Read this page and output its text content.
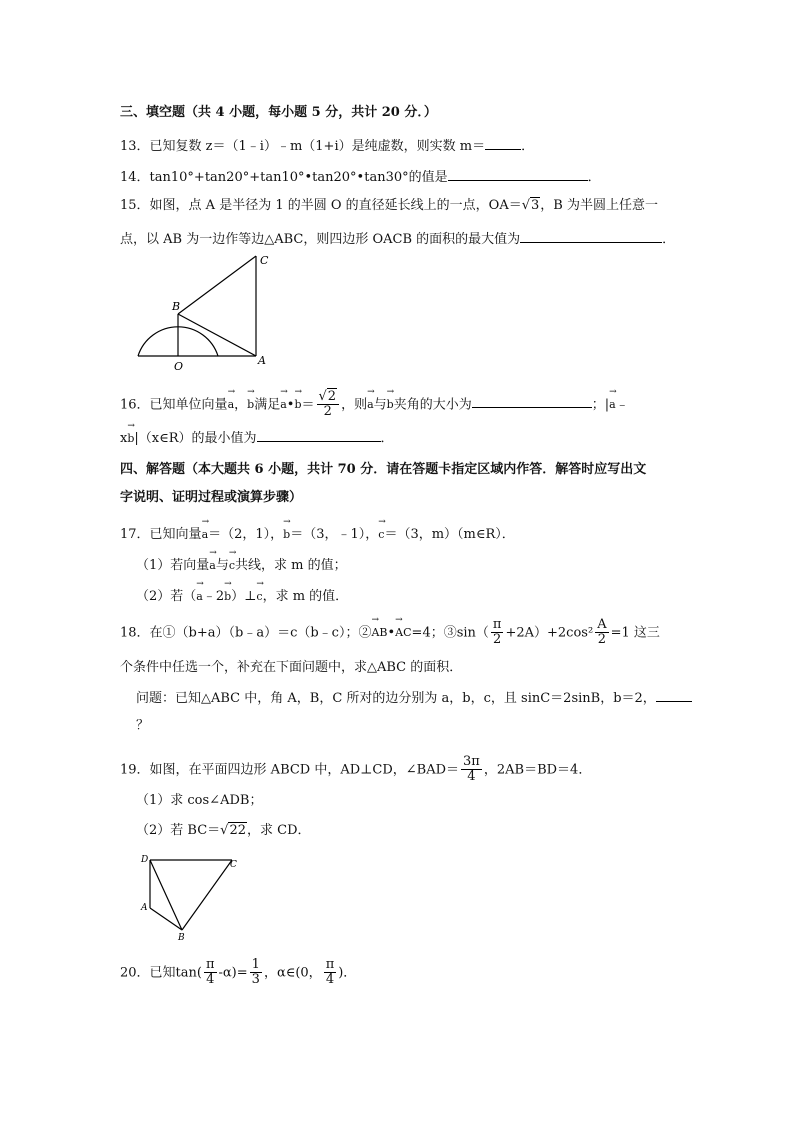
三、填空题（共 4 小题，每小题 5 分，共计 20 分．）
13．已知复数 z＝（1﹣i）﹣m（1+i）是纯虚数，则实数 m＝	．
14．tan10°+tan20°+tan10°•tan20°•tan30°的值是	．
15．如图，点 A 是半径为 1 的半圆 O 的直径延长线上的一点，OA＝√3，B 为半圆上任意一
点，以 AB 为一边作等边△ABC，则四边形 OACB 的面积的最大值为	．
C
B
O	A
16．已知单位向量→ a，→ b满足→ a•→ $b= \frac{√2}{2}$ ，则→ a与→ b夹角的大小为	；|→ a﹣
x→ b|（x∈R）的最小值为	．
四、解答题（本大题共 6 小题，共计 70 分．请在答题卡指定区域内作答．解答时应写出文
字说明、证明过程或演算步骤）
17．已知向量→ a＝（2，1），→ b＝（3，﹣1），→ c＝（3，m）（m∈R）．
（1）若向量→ a与→ c共线，求 m 的值；
（2）若（→ a﹣2→ b）⊥→ c，求 m 的值．
18．在①（b+a）（b﹣a）＝c（b﹣c）；②→ AB•→ AC=4；③sin（ $\frac{\pi}{2} +2A)+2\cos^2 \frac{A}{2} =1$ 这三
个条件中任选一个，补充在下面问题中，求△ABC 的面积．
问题：已知△ABC 中，角 A，B，C 所对的边分别为 a，b，c，且 sinC＝2sinB，b＝2，
？
19．如图，在平面四边形 ABCD 中，AD⊥CD，∠BAD＝ $\frac{3\pi}{4}$ ，2AB＝BD＝4．
（1）求 cos∠ADB；
（2）若 BC＝√22，求 CD．
D	C
A
B
20．已知$\tan( \frac{\pi}{4} -\alpha)= \frac{1}{3}$ ，α∈(0， $\frac{\pi}{4}$ )．
